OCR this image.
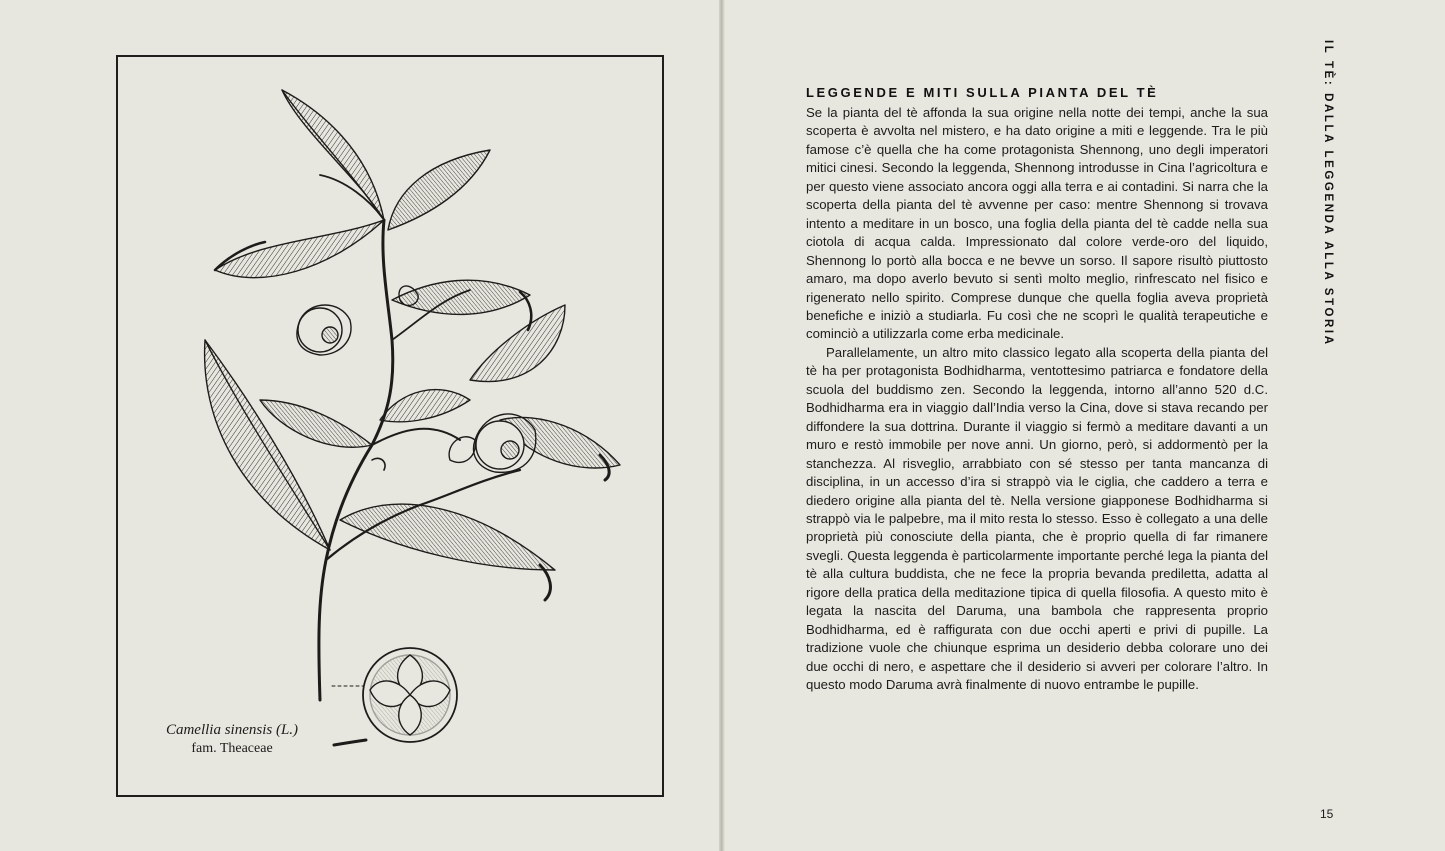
Camellia sinensis (L.)
fam. Theaceae
LEGGENDE E MITI SULLA PIANTA DEL TÈ

Se la pianta del tè affonda la sua origine nella notte dei tempi, anche la sua scoperta è avvolta nel mistero, e ha dato origine a miti e leggende. Tra le più famose c’è quella che ha come protagonista Shennong, uno degli imperatori mitici cinesi. Secondo la leggenda, Shennong introdusse in Cina l’agricoltura e per questo viene associato ancora oggi alla terra e ai contadini. Si narra che la scoperta della pianta del tè avvenne per caso: mentre Shennong si trovava intento a meditare in un bosco, una foglia della pianta del tè cadde nella sua ciotola di acqua calda. Impressionato dal colore verde-oro del liquido, Shennong lo portò alla bocca e ne bevve un sorso. Il sapore risultò piuttosto amaro, ma dopo averlo bevuto si sentì molto meglio, rinfrescato nel fisico e rigenerato nello spirito. Comprese dunque che quella foglia aveva proprietà benefiche e iniziò a studiarla. Fu così che ne scoprì le qualità terapeutiche e cominciò a utilizzarla come erba medicinale.

Parallelamente, un altro mito classico legato alla scoperta della pianta del tè ha per protagonista Bodhidharma, ventottesimo patriarca e fondatore della scuola del buddismo zen. Secondo la leggenda, intorno all’anno 520 d.C. Bodhidharma era in viaggio dall’India verso la Cina, dove si stava recando per diffondere la sua dottrina. Durante il viaggio si fermò a meditare davanti a un muro e restò immobile per nove anni. Un giorno, però, si addormentò per la stanchezza. Al risveglio, arrabbiato con sé stesso per tanta mancanza di disciplina, in un accesso d’ira si strappò via le ciglia, che caddero a terra e diedero origine alla pianta del tè. Nella versione giapponese Bodhidharma si strappò via le palpebre, ma il mito resta lo stesso. Esso è collegato a una delle proprietà più conosciute della pianta, che è proprio quella di far rimanere svegli. Questa leggenda è particolarmente importante perché lega la pianta del tè alla cultura buddista, che ne fece la propria bevanda prediletta, adatta al rigore della pratica della meditazione tipica di quella filosofia. A questo mito è legata la nascita del Daruma, una bambola che rappresenta proprio Bodhidharma, ed è raffigurata con due occhi aperti e privi di pupille. La tradizione vuole che chiunque esprima un desiderio debba colorare uno dei due occhi di nero, e aspettare che il desiderio si avveri per colorare l’altro. In questo modo Daruma avrà finalmente di nuovo entrambe le pupille.

IL TÈ: DALLA LEGGENDA ALLA STORIA
15
